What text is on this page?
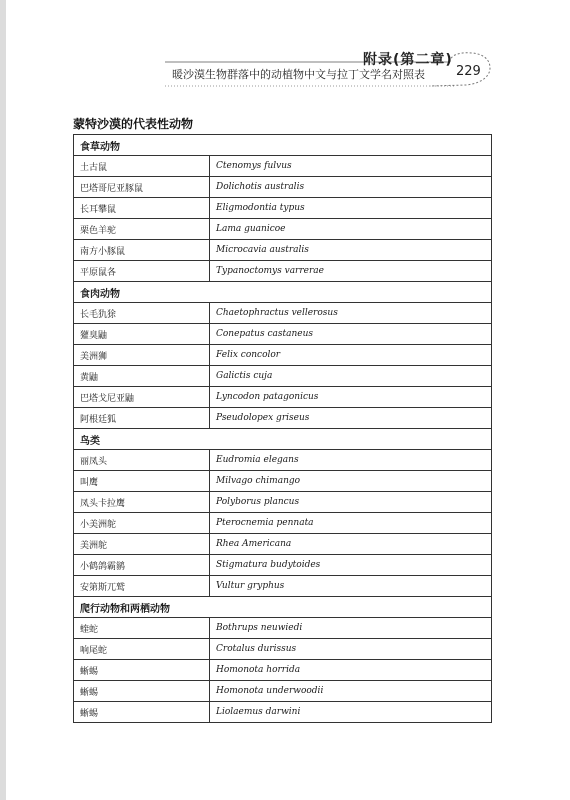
附录(第二章)
暖沙漠生物群落中的动植物中文与拉丁文学名对照表 229
蒙特沙漠的代表性动物
食草动物	
土古鼠	Ctenomys fulvus
巴塔哥尼亚豚鼠	Dolichotis australis
长耳攀鼠	Eligmodontia typus
栗色羊驼	Lama guanicoe
南方小豚鼠	Microcavia australis
平原鼠各	Typanoctomys varrerae
食肉动物	
长毛犰狳	Chaetophractus vellerosus
獾臭鼬	Conepatus castaneus
美洲狮	Felix concolor
黄鼬	Galictis cuja
巴塔戈尼亚鼬	Lyncodon patagonicus
阿根廷狐	Pseudolopex griseus
鸟类	
丽凤头	Eudromia elegans
叫鹰	Milvago chimango
凤头卡拉鹰	Polyborus plancus
小美洲鸵	Pterocnemia pennata
美洲鸵	Rhea Americana
小鹤鸽霸鹟	Stigmatura budytoides
安第斯兀鹫	Vultur gryphus
爬行动物和两栖动物	
蝰蛇	Bothrups neuwiedi
响尾蛇	Crotalus durissus
蜥蜴	Homonota horrida
蜥蜴	Homonota underwoodii
蜥蜴	Liolaemus darwini
